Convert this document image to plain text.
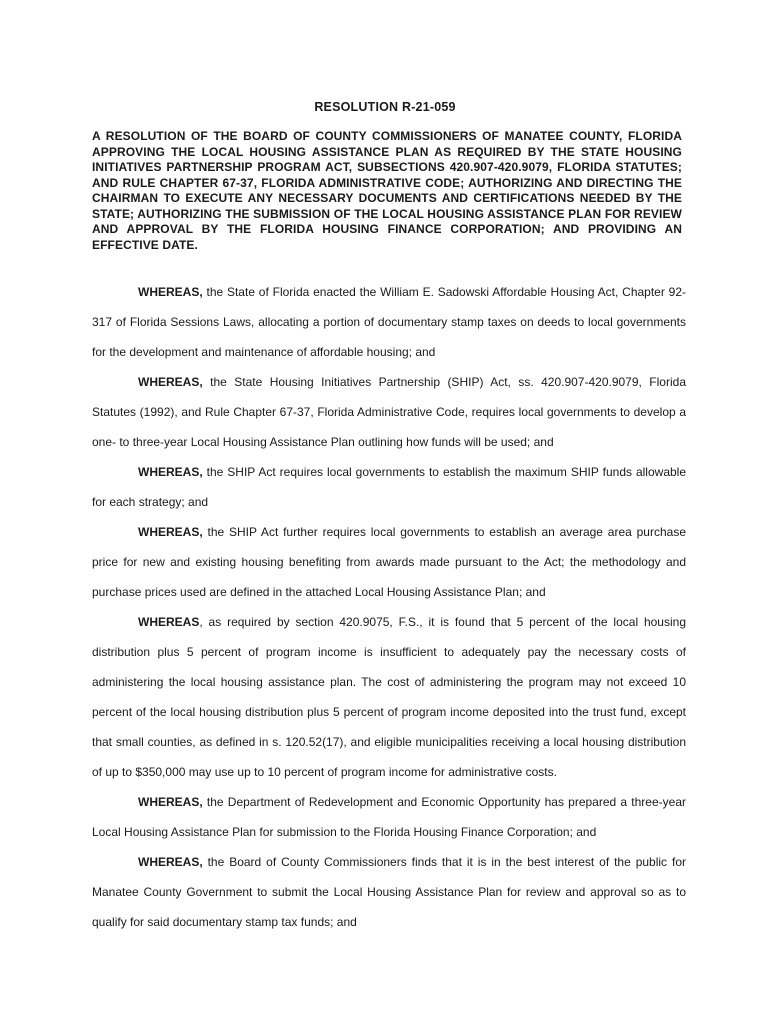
RESOLUTION R-21-059
A RESOLUTION OF THE BOARD OF COUNTY COMMISSIONERS OF MANATEE COUNTY, FLORIDA APPROVING THE LOCAL HOUSING ASSISTANCE PLAN AS REQUIRED BY THE STATE HOUSING INITIATIVES PARTNERSHIP PROGRAM ACT, SUBSECTIONS 420.907-420.9079, FLORIDA STATUTES; AND RULE CHAPTER 67-37, FLORIDA ADMINISTRATIVE CODE; AUTHORIZING AND DIRECTING THE CHAIRMAN TO EXECUTE ANY NECESSARY DOCUMENTS AND CERTIFICATIONS NEEDED BY THE STATE; AUTHORIZING THE SUBMISSION OF THE LOCAL HOUSING ASSISTANCE PLAN FOR REVIEW AND APPROVAL BY THE FLORIDA HOUSING FINANCE CORPORATION; AND PROVIDING AN EFFECTIVE DATE.

WHEREAS, the State of Florida enacted the William E. Sadowski Affordable Housing Act, Chapter 92-317 of Florida Sessions Laws, allocating a portion of documentary stamp taxes on deeds to local governments for the development and maintenance of affordable housing; and

WHEREAS, the State Housing Initiatives Partnership (SHIP) Act, ss. 420.907-420.9079, Florida Statutes (1992), and Rule Chapter 67-37, Florida Administrative Code, requires local governments to develop a one- to three-year Local Housing Assistance Plan outlining how funds will be used; and

WHEREAS, the SHIP Act requires local governments to establish the maximum SHIP funds allowable for each strategy; and

WHEREAS, the SHIP Act further requires local governments to establish an average area purchase price for new and existing housing benefiting from awards made pursuant to the Act; the methodology and purchase prices used are defined in the attached Local Housing Assistance Plan; and

WHEREAS, as required by section 420.9075, F.S., it is found that 5 percent of the local housing distribution plus 5 percent of program income is insufficient to adequately pay the necessary costs of administering the local housing assistance plan. The cost of administering the program may not exceed 10 percent of the local housing distribution plus 5 percent of program income deposited into the trust fund, except that small counties, as defined in s. 120.52(17), and eligible municipalities receiving a local housing distribution of up to $350,000 may use up to 10 percent of program income for administrative costs.

WHEREAS, the Department of Redevelopment and Economic Opportunity has prepared a three-year Local Housing Assistance Plan for submission to the Florida Housing Finance Corporation; and

WHEREAS, the Board of County Commissioners finds that it is in the best interest of the public for Manatee County Government to submit the Local Housing Assistance Plan for review and approval so as to qualify for said documentary stamp tax funds; and
